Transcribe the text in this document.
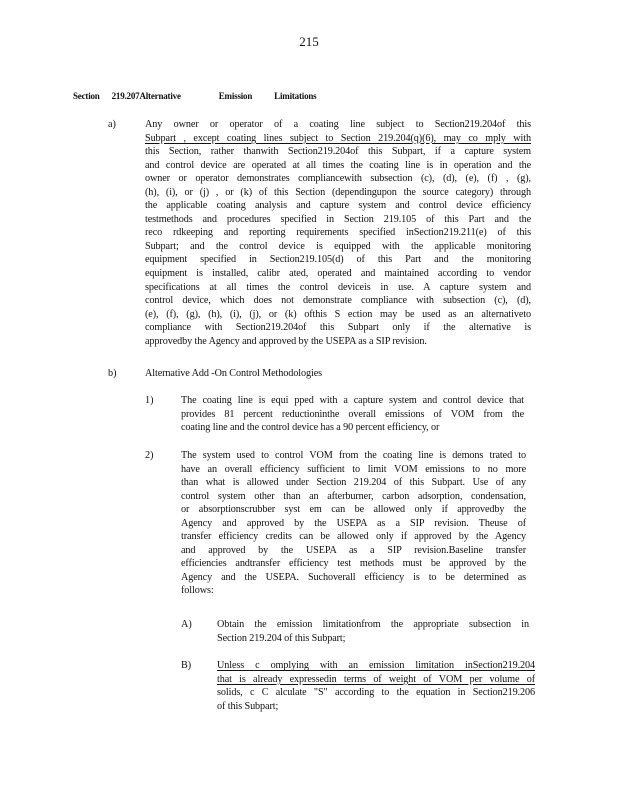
215
Section 219.207Alternative	Emission Limitations
a)	Any owner or operator of a coating line subject to Section219.204of this

Subpart , except coating lines subject to Section 219.204(q)(6), may co mply with

this Section, rather thanwith Section219.204of this Subpart, if a capture system

and control device are operated at all times the coating line is in operation and the

owner or operator demonstrates compliancewith subsection (c), (d), (e), (f) , (g),

(h), (i), or (j) , or (k) of this Section (dependingupon the source category) through

the applicable coating analysis and capture system and control device efficiency

testmethods and procedures specified in Section 219.105 of this Part and the

reco rdkeeping and reporting requirements specified inSection219.211(e) of this

Subpart; and the control device is equipped with the applicable monitoring

equipment specified in Section219.105(d) of this Part and the monitoring

equipment is installed, calibr ated, operated and maintained according to vendor

specifications at all times the control deviceis in use. A capture system and

control device, which does not demonstrate compliance with subsection (c), (d),

(e), (f), (g), (h), (i), (j), or (k) ofthis S ection may be used as an alternativeto

compliance with Section219.204of this Subpart only if the alternative is

approvedby the Agency and approved by the USEPA as a SIP revision.

b)	Alternative Add -On Control Methodologies

1)	The coating line is equi pped with a capture system and control device that

provides 81 percent reductioninthe overall emissions of VOM from the

coating line and the control device has a 90 percent efficiency, or

2)	The system used to control VOM from the coating line is demons trated to

have an overall efficiency sufficient to limit VOM emissions to no more

than what is allowed under Section 219.204 of this Subpart. Use of any

control system other than an afterburner, carbon adsorption, condensation,

or absorptionscrubber syst em can be allowed only if approvedby the

Agency and approved by the USEPA as a SIP revision. Theuse of

transfer efficiency credits can be allowed only if approved by the Agency

and approved by the USEPA as a SIP revision.Baseline transfer

efficiencies andtransfer efficiency test methods must be approved by the

Agency and the USEPA. Suchoverall efficiency is to be determined as

follows:

A) Obtain the emission limitationfrom the appropriate subsection in

Section 219.204 of this Subpart;

B)	Unless c omplying with an emission limitation inSection219.204

that is already expressedin terms of weight of VOM per volume of

solids, c C alculate "S" according to the equation in Section219.206

of this Subpart;
